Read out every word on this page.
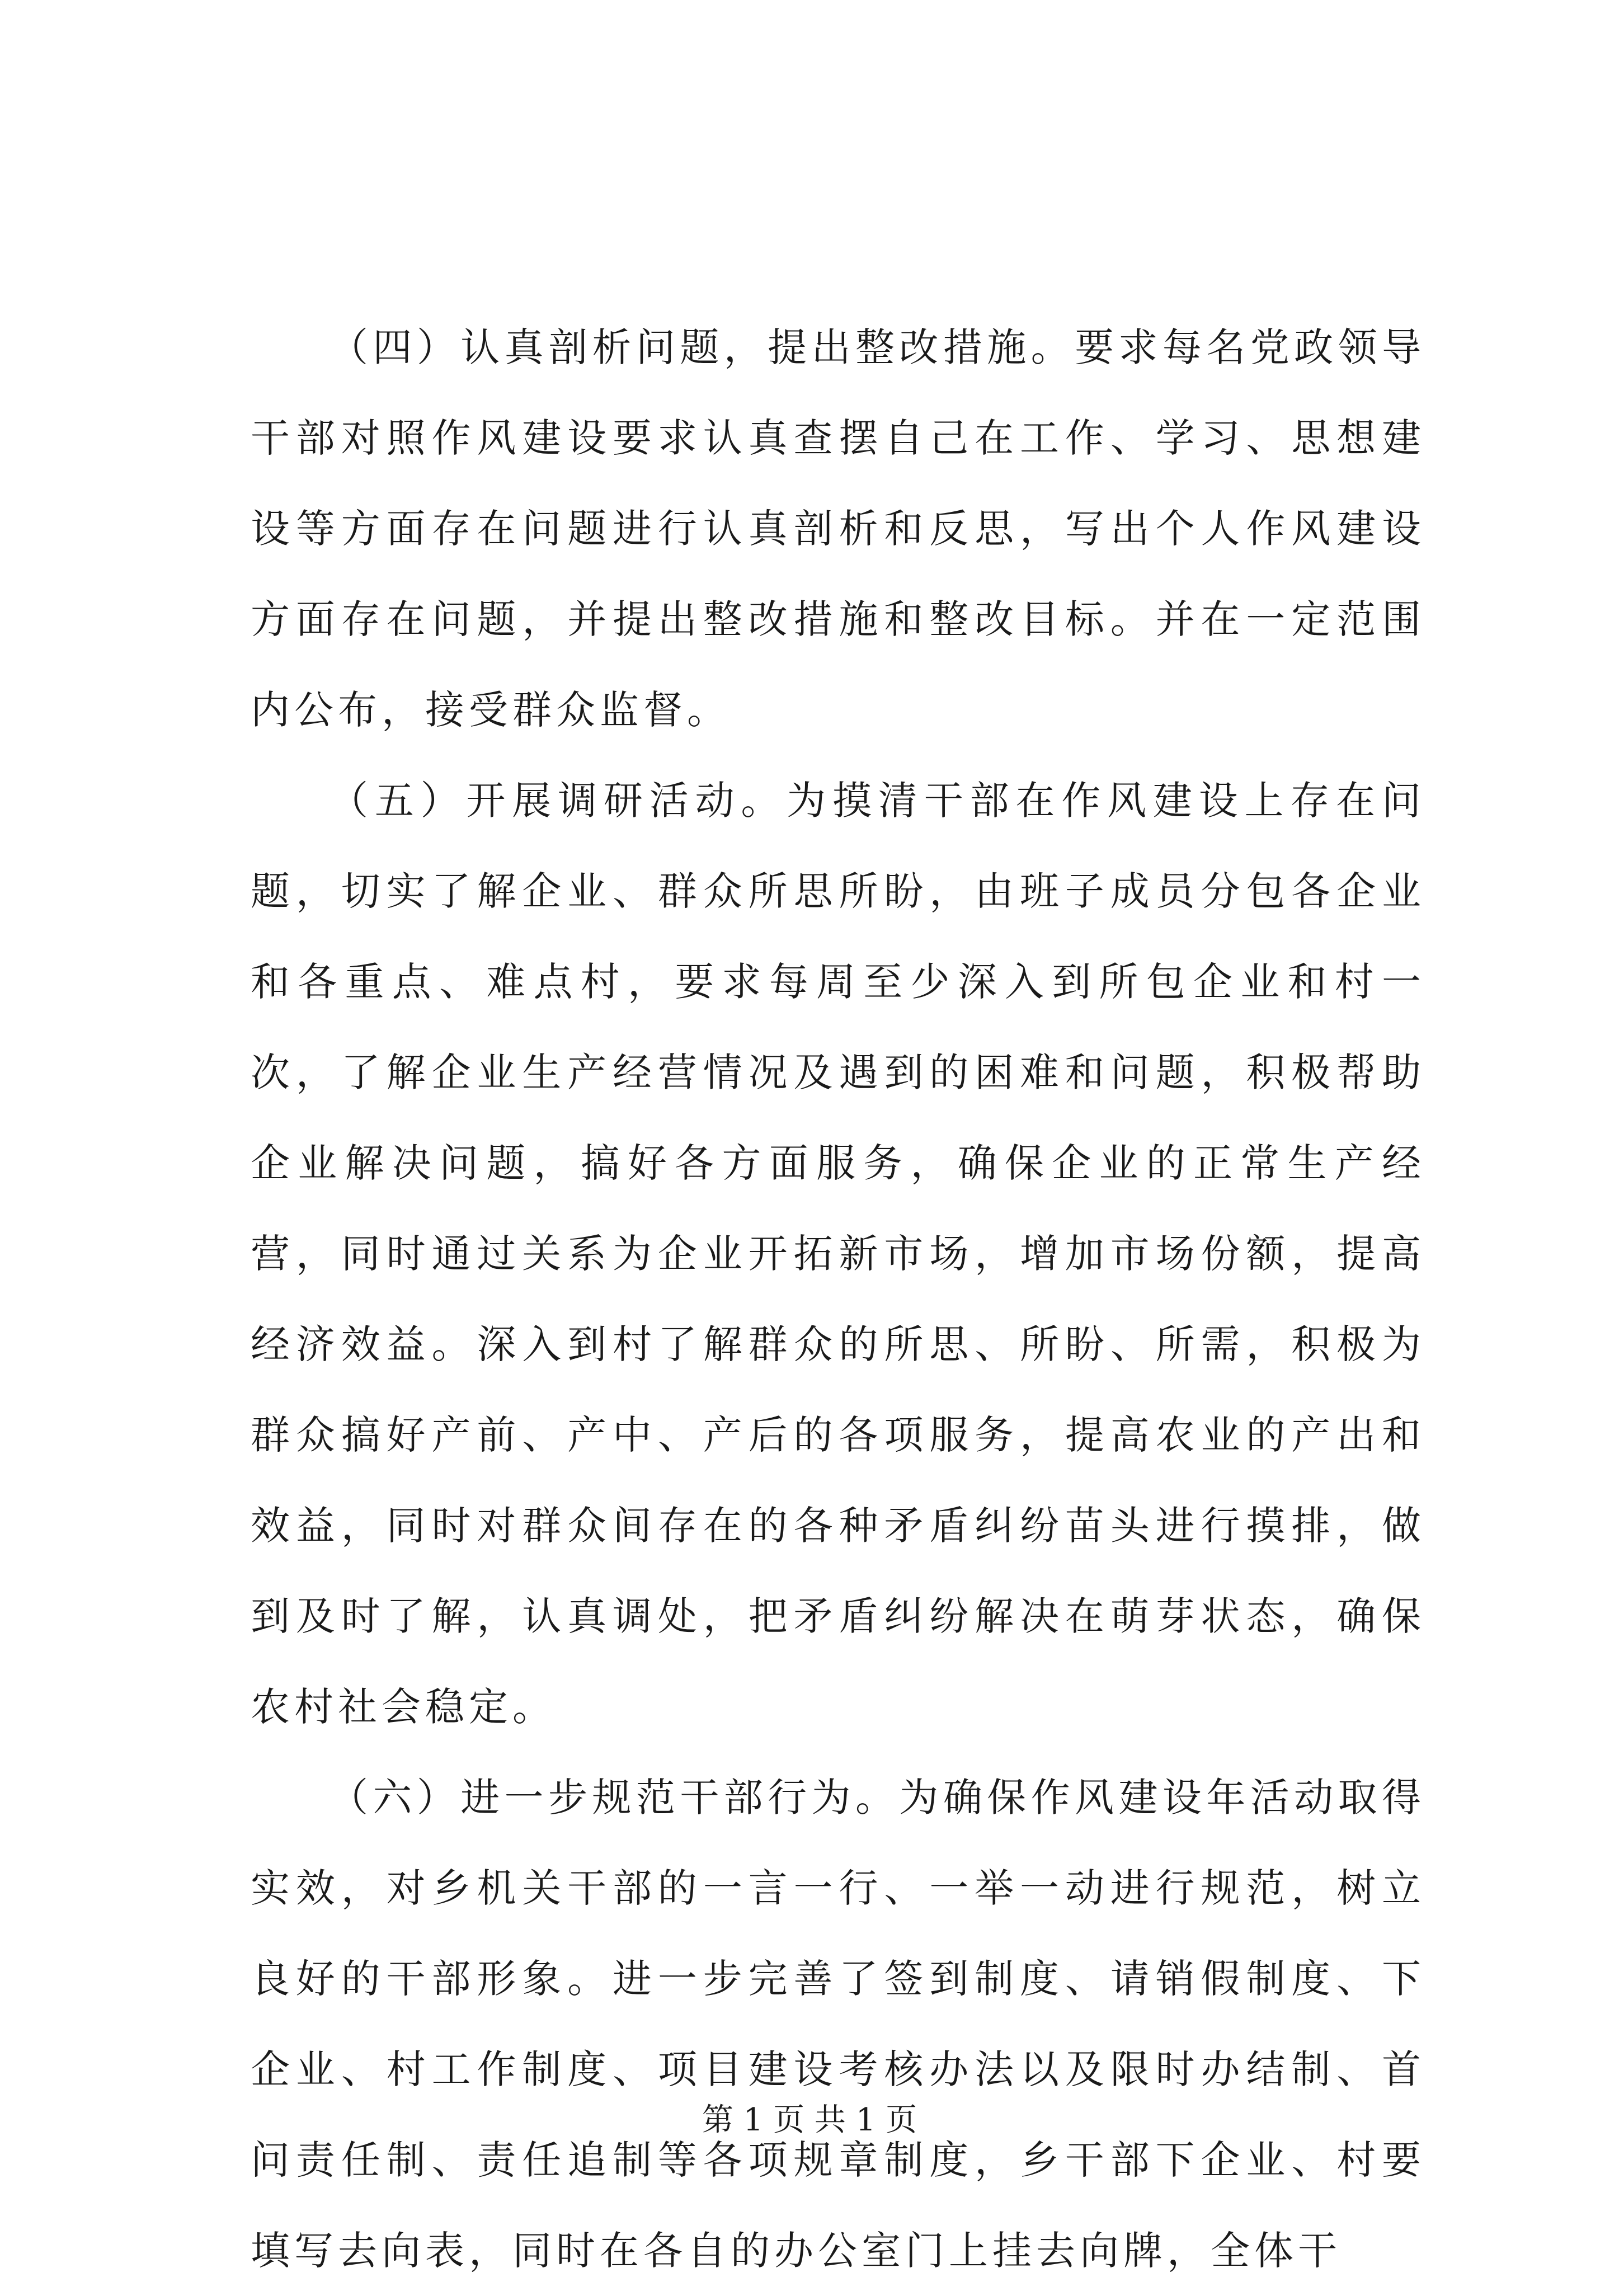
（四）认真剖析问题，提出整改措施。要求每名党政领导干部对照作风建设要求认真查摆自己在工作、学习、思想建设等方面存在问题进行认真剖析和反思，写出个人作风建设方面存在问题，并提出整改措施和整改目标。并在一定范围内公布，接受群众监督。

（五）开展调研活动。为摸清干部在作风建设上存在问题，切实了解企业、群众所思所盼，由班子成员分包各企业和各重点、难点村，要求每周至少深入到所包企业和村一次，了解企业生产经营情况及遇到的困难和问题，积极帮助企业解决问题，搞好各方面服务，确保企业的正常生产经营，同时通过关系为企业开拓新市场，增加市场份额，提高经济效益。深入到村了解群众的所思、所盼、所需，积极为群众搞好产前、产中、产后的各项服务，提高农业的产出和效益，同时对群众间存在的各种矛盾纠纷苗头进行摸排，做到及时了解，认真调处，把矛盾纠纷解决在萌芽状态，确保农村社会稳定。

（六）进一步规范干部行为。为确保作风建设年活动取得实效，对乡机关干部的一言一行、一举一动进行规范，树立良好的干部形象。进一步完善了签到制度、请销假制度、下企业、村工作制度、项目建设考核办法以及限时办结制、首问责任制、责任追制等各项规章制度，乡干部下企业、村要填写去向表，同时在各自的办公室门上挂去向牌，全体干

第 1 页 共 1 页
